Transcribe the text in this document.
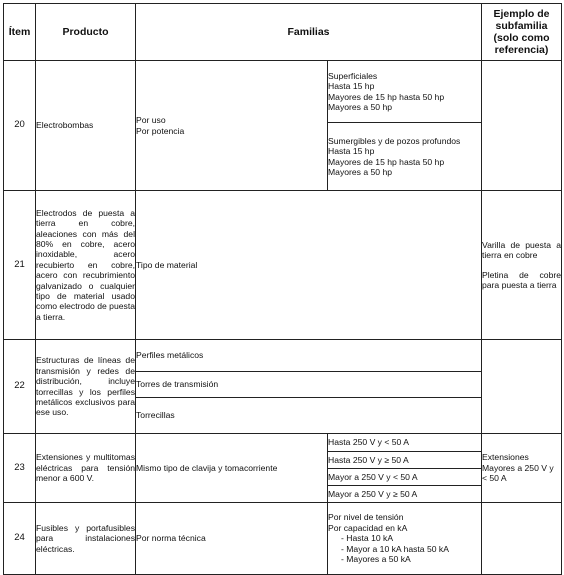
Ítem	Producto	Familias		Ejemplo de
subfamilia
(solo como
referencia)

20	Electrobombas	Por uso
Por potencia	Superficiales
Hasta 15 hp
Mayores de 15 hp hasta 50 hp
Mayores a 50 hp	

			Sumergibles y de pozos profundos
Hasta 15 hp
Mayores de 15 hp hasta 50 hp
Mayores a 50 hp	

21	Electrodos de puesta a tierra en cobre, aleaciones con más del 80% en cobre, acero inoxidable, acero recubierto en cobre, acero con recubrimiento galvanizado o cualquier tipo de material usado como electrodo de puesta a tierra.	Tipo de material		Varilla de puesta a tierra en cobre
Pletina de cobre para puesta a tierra

22	Estructuras de líneas de transmisión y redes de distribución, incluye torrecillas y los perfiles metálicos exclusivos para ese uso.	Perfiles metálicos		
		Torres de transmisión		
		Torrecillas		
23	Extensiones y multitomas eléctricas para tensión menor a 600 V.	Mismo tipo de clavija y tomacorriente	Hasta 250 V y < 50 A	Extensiones Mayores a 250 V y < 50 A
			Hasta 250 V y ≥ 50 A	
			Mayor a 250 V y < 50 A	
			Mayor a 250 V y ≥ 50 A	
24	Fusibles y portafusibles para instalaciones eléctricas.	Por norma técnica	Por nivel de tensión
Por capacidad en kA
- Hasta 10 kA
- Mayor a 10 kA hasta 50 kA
- Mayores a 50 kA	
